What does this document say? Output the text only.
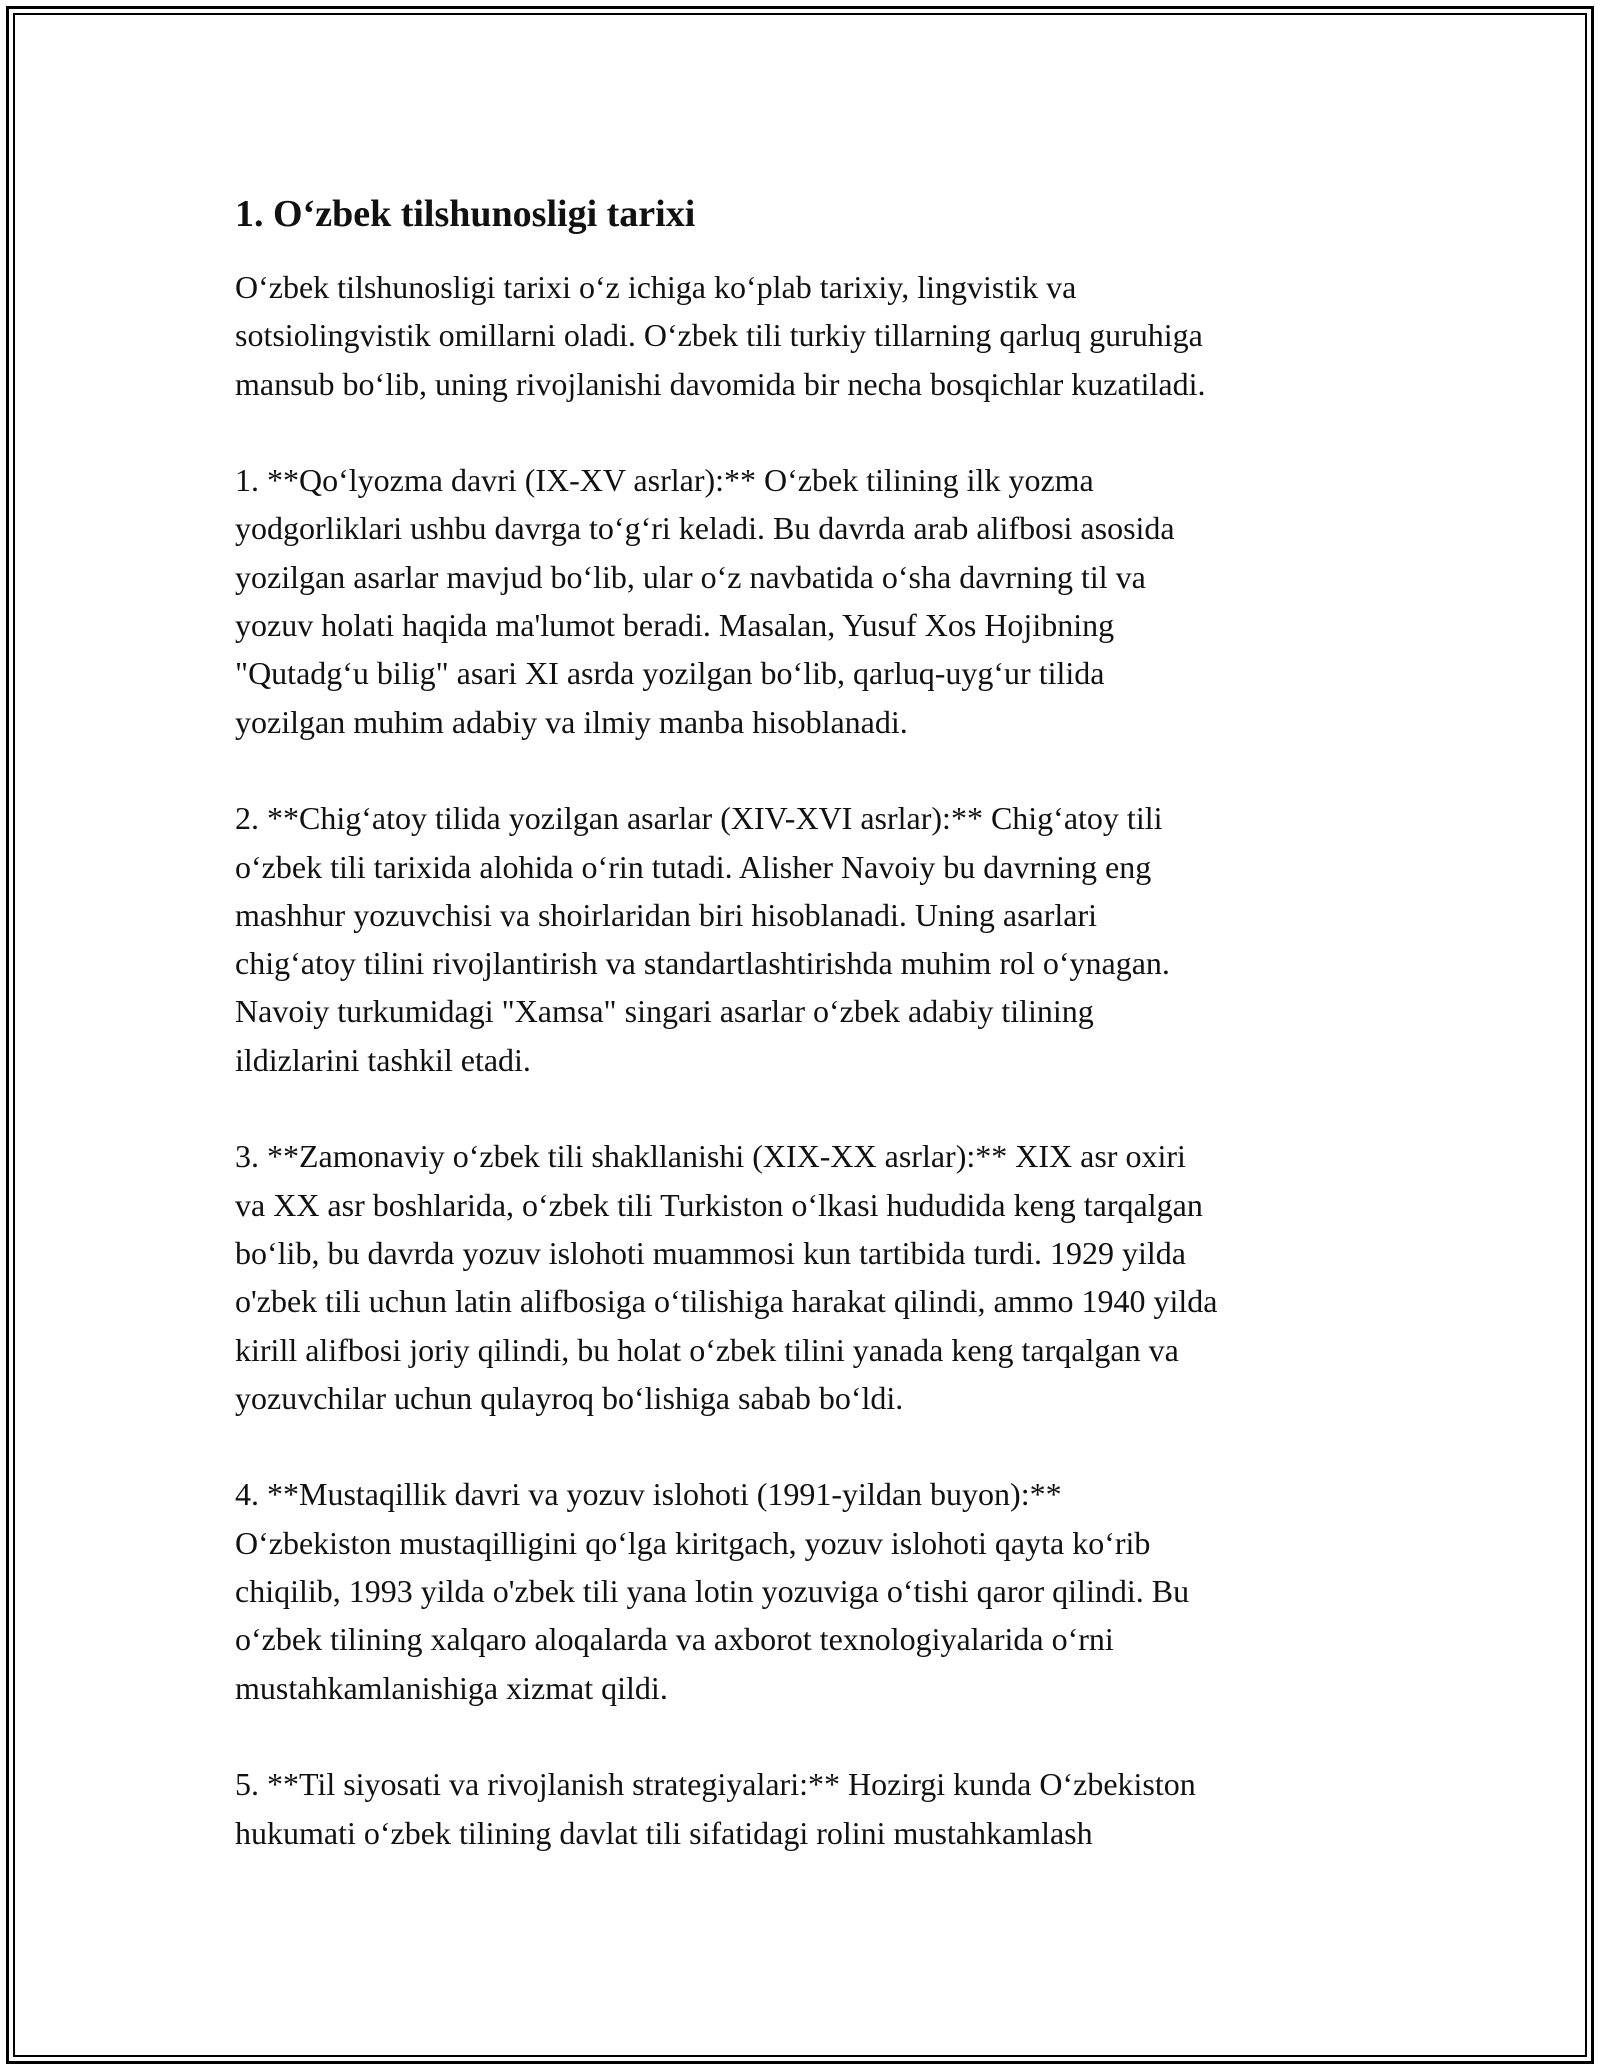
1. O‘zbek tilshunosligi tarixi
O‘zbek tilshunosligi tarixi o‘z ichiga ko‘plab tarixiy, lingvistik va
sotsiolingvistik omillarni oladi. O‘zbek tili turkiy tillarning qarluq guruhiga
mansub bo‘lib, uning rivojlanishi davomida bir necha bosqichlar kuzatiladi.
1. **Qo‘lyozma davri (IX-XV asrlar):** O‘zbek tilining ilk yozma
yodgorliklari ushbu davrga to‘g‘ri keladi. Bu davrda arab alifbosi asosida
yozilgan asarlar mavjud bo‘lib, ular o‘z navbatida o‘sha davrning til va
yozuv holati haqida ma'lumot beradi. Masalan, Yusuf Xos Hojibning
"Qutadg‘u bilig" asari XI asrda yozilgan bo‘lib, qarluq-uyg‘ur tilida
yozilgan muhim adabiy va ilmiy manba hisoblanadi.
2. **Chig‘atoy tilida yozilgan asarlar (XIV-XVI asrlar):** Chig‘atoy tili
o‘zbek tili tarixida alohida o‘rin tutadi. Alisher Navoiy bu davrning eng
mashhur yozuvchisi va shoirlaridan biri hisoblanadi. Uning asarlari
chig‘atoy tilini rivojlantirish va standartlashtirishda muhim rol o‘ynagan.
Navoiy turkumidagi "Xamsa" singari asarlar o‘zbek adabiy tilining
ildizlarini tashkil etadi.
3. **Zamonaviy o‘zbek tili shakllanishi (XIX-XX asrlar):** XIX asr oxiri
va XX asr boshlarida, o‘zbek tili Turkiston o‘lkasi hududida keng tarqalgan
bo‘lib, bu davrda yozuv islohoti muammosi kun tartibida turdi. 1929 yilda
o'zbek tili uchun latin alifbosiga o‘tilishiga harakat qilindi, ammo 1940 yilda
kirill alifbosi joriy qilindi, bu holat o‘zbek tilini yanada keng tarqalgan va
yozuvchilar uchun qulayroq bo‘lishiga sabab bo‘ldi.
4. **Mustaqillik davri va yozuv islohoti (1991-yildan buyon):**
O‘zbekiston mustaqilligini qo‘lga kiritgach, yozuv islohoti qayta ko‘rib
chiqilib, 1993 yilda o'zbek tili yana lotin yozuviga o‘tishi qaror qilindi. Bu
o‘zbek tilining xalqaro aloqalarda va axborot texnologiyalarida o‘rni
mustahkamlanishiga xizmat qildi.
5. **Til siyosati va rivojlanish strategiyalari:** Hozirgi kunda O‘zbekiston
hukumati o‘zbek tilining davlat tili sifatidagi rolini mustahkamlash
